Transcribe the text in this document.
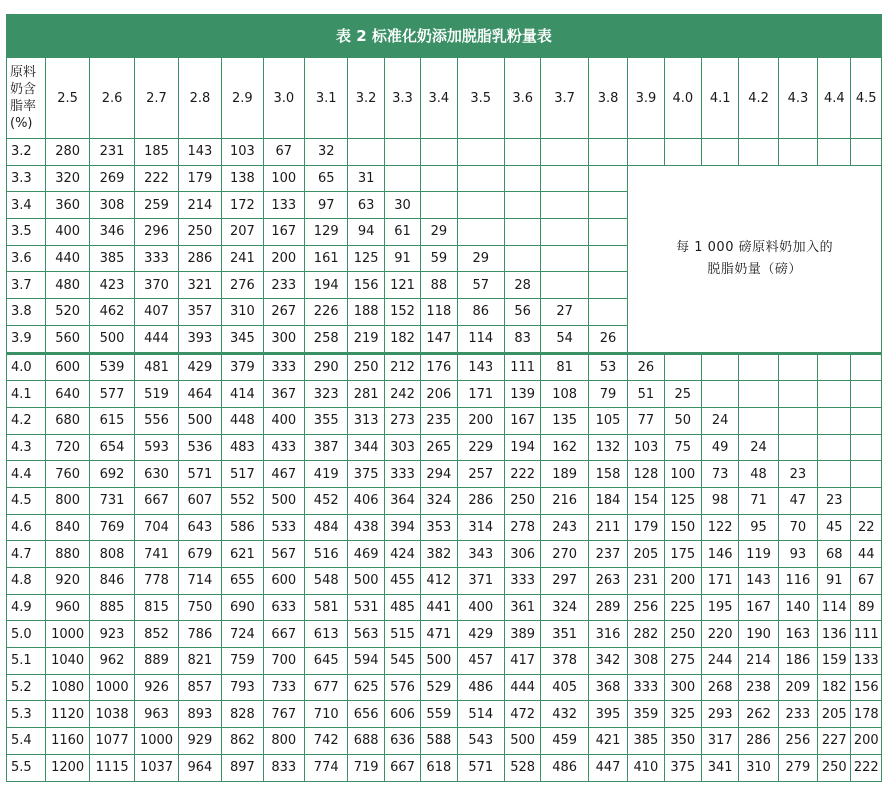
表 2 标准化奶添加脱脂乳粉量表
原料
奶含
脂率
(%)	2.5	2.6	2.7	2.8	2.9	3.0	3.1	3.2	3.3	3.4	3.5	3.6	3.7	3.8	3.9	4.0	4.1	4.2	4.3	4.4	4.5
3.2	280	231	185	143	103	67	32														
3.3	320	269	222	179	138	100	65	31							每 1 000 磅原料奶加入的
脱脂奶量（磅）						

3.4	360	308	259	214	172	133	97	63	30												
3.5	400	346	296	250	207	167	129	94	61	29											
3.6	440	385	333	286	241	200	161	125	91	59	29										
3.7	480	423	370	321	276	233	194	156	121	88	57	28									
3.8	520	462	407	357	310	267	226	188	152	118	86	56	27								
3.9	560	500	444	393	345	300	258	219	182	147	114	83	54	26							
4.0	600	539	481	429	379	333	290	250	212	176	143	111	81	53	26						
4.1	640	577	519	464	414	367	323	281	242	206	171	139	108	79	51	25					
4.2	680	615	556	500	448	400	355	313	273	235	200	167	135	105	77	50	24				
4.3	720	654	593	536	483	433	387	344	303	265	229	194	162	132	103	75	49	24			
4.4	760	692	630	571	517	467	419	375	333	294	257	222	189	158	128	100	73	48	23		
4.5	800	731	667	607	552	500	452	406	364	324	286	250	216	184	154	125	98	71	47	23	
4.6	840	769	704	643	586	533	484	438	394	353	314	278	243	211	179	150	122	95	70	45	22
4.7	880	808	741	679	621	567	516	469	424	382	343	306	270	237	205	175	146	119	93	68	44
4.8	920	846	778	714	655	600	548	500	455	412	371	333	297	263	231	200	171	143	116	91	67
4.9	960	885	815	750	690	633	581	531	485	441	400	361	324	289	256	225	195	167	140	114	89
5.0	1000	923	852	786	724	667	613	563	515	471	429	389	351	316	282	250	220	190	163	136	111
5.1	1040	962	889	821	759	700	645	594	545	500	457	417	378	342	308	275	244	214	186	159	133
5.2	1080	1000	926	857	793	733	677	625	576	529	486	444	405	368	333	300	268	238	209	182	156
5.3	1120	1038	963	893	828	767	710	656	606	559	514	472	432	395	359	325	293	262	233	205	178
5.4	1160	1077	1000	929	862	800	742	688	636	588	543	500	459	421	385	350	317	286	256	227	200
5.5	1200	1115	1037	964	897	833	774	719	667	618	571	528	486	447	410	375	341	310	279	250	222
